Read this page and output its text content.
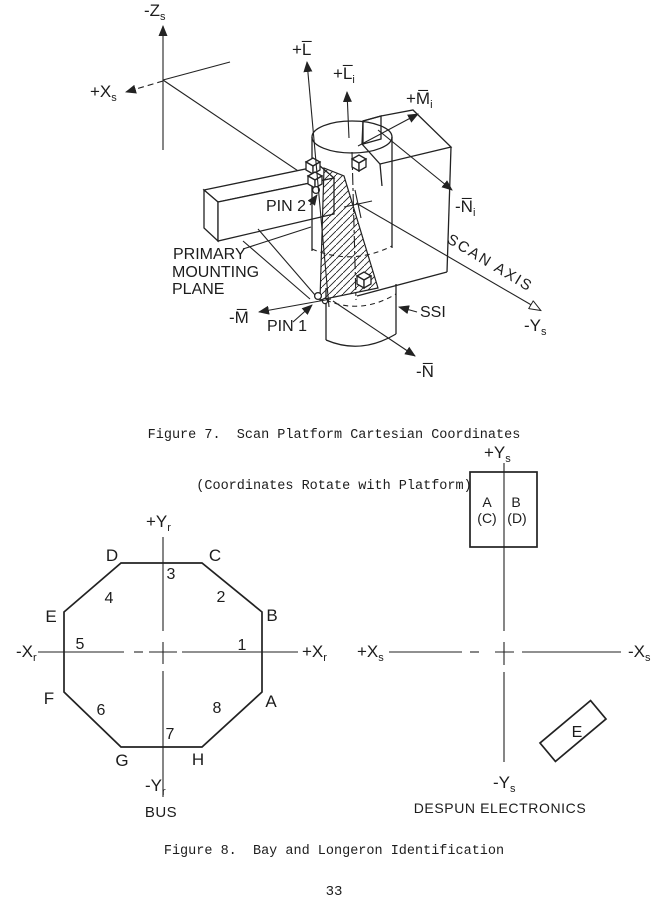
$-Z_s$
$+X_s$
+L̅
$+L̅_i$
$+M̅_i$
$-N̅_i$
-M̅
-N̅
$-Y_s$
SCAN AXIS
PIN 2
PIN 1
SSI
PRIMARY
MOUNTING
PLANE

Figure 7.  Scan Platform Cartesian Coordinates

(Coordinates Rotate with Platform)

$+Y_r$
$-Y_r$
$+X_r$
$-X_r$
1
2
3
4
5
6
7
8	A
B
C
D
E
F
G	H
BUS
$+Y_s$
$-Y_s$
$+X_s$	$-X_s$
A
(C)
B
(D)
E
DESPUN ELECTRONICS
Figure 8.  Bay and Longeron Identification
33
